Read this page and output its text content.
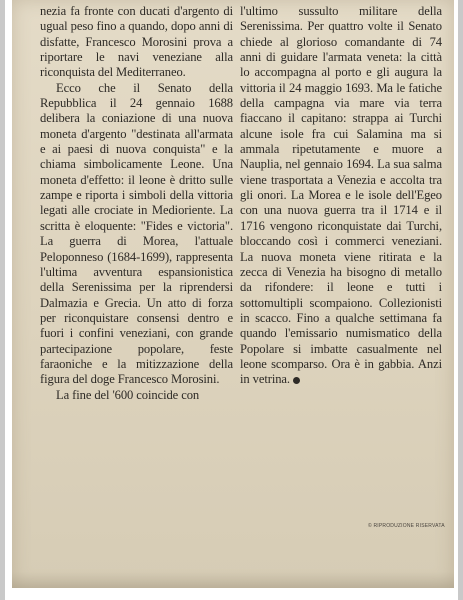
nezia fa fronte con ducati d'argento di ugual peso fino a quando, dopo anni di disfatte, Francesco Morosini prova a riportare le navi veneziane alla riconquista del Mediterraneo.

Ecco che il Senato della Repubblica il 24 gennaio 1688 delibera la coniazione di una nuova moneta d'argento "destinata all'armata e ai paesi di nuova conquista" e la chiama simbolicamente Leone. Una moneta d'effetto: il leone è dritto sulle zampe e riporta i simboli della vittoria legati alle crociate in Medioriente. La scritta è eloquente: "Fides e victoria". La guerra di Morea, l'attuale Peloponneso (1684-1699), rappresenta l'ultima avventura espansionistica della Serenissima per la riprendersi Dalmazia e Grecia. Un atto di forza per riconquistare consensi dentro e fuori i confini veneziani, con grande partecipazione popolare, feste faraoniche e la mitizzazione della figura del doge Francesco Morosini.

La fine del '600 coincide con

l'ultimo sussulto militare della Serenissima. Per quattro volte il Senato chiede al glorioso comandante di 74 anni di guidare l'armata veneta: la città lo accompagna al porto e gli augura la vittoria il 24 maggio 1693. Ma le fatiche della campagna via mare via terra fiaccano il capitano: strappa ai Turchi alcune isole fra cui Salamina ma si ammala ripetutamente e muore a Nauplia, nel gennaio 1694. La sua salma viene trasportata a Venezia e accolta tra gli onori. La Morea e le isole dell'Egeo con una nuova guerra tra il 1714 e il 1716 vengono riconquistate dai Turchi, bloccando così i commerci veneziani. La nuova moneta viene ritirata e la zecca di Venezia ha bisogno di metallo da rifondere: il leone e tutti i sottomultipli scompaiono. Collezionisti in scacco. Fino a qualche settimana fa quando l'emissario numismatico della Popolare si imbatte casualmente nel leone scomparso. Ora è in gabbia. Anzi in vetrina.

© RIPRODUZIONE RISERVATA
